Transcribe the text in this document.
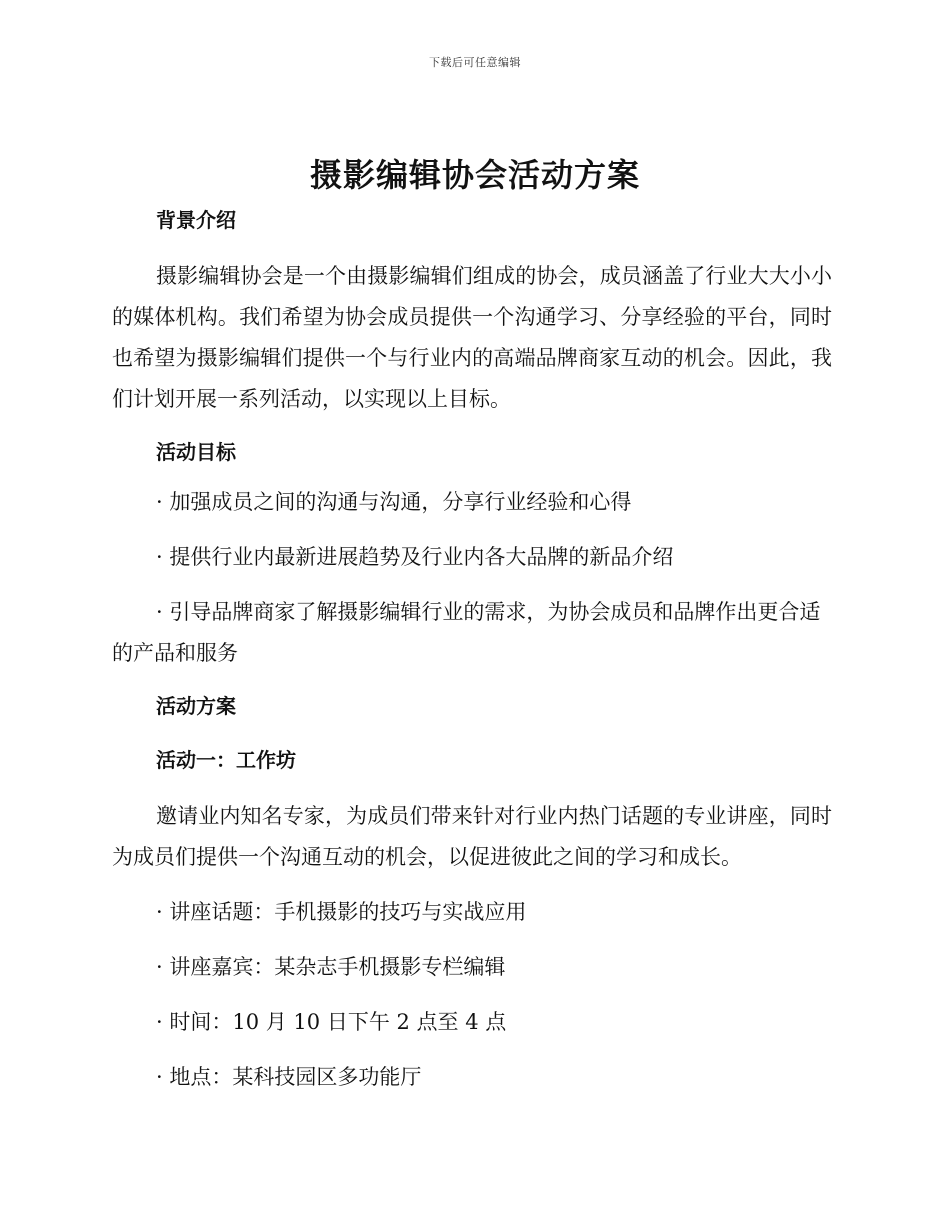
下载后可任意编辑
摄影编辑协会活动方案
背景介绍

摄影编辑协会是一个由摄影编辑们组成的协会，成员涵盖了行业大大小小的媒体机构。我们希望为协会成员提供一个沟通学习、分享经验的平台，同时也希望为摄影编辑们提供一个与行业内的高端品牌商家互动的机会。因此，我们计划开展一系列活动，以实现以上目标。

活动目标

· 加强成员之间的沟通与沟通，分享行业经验和心得

· 提供行业内最新进展趋势及行业内各大品牌的新品介绍

· 引导品牌商家了解摄影编辑行业的需求，为协会成员和品牌作出更合适的产品和服务

活动方案
活动一：工作坊

邀请业内知名专家，为成员们带来针对行业内热门话题的专业讲座，同时为成员们提供一个沟通互动的机会，以促进彼此之间的学习和成长。

· 讲座话题：手机摄影的技巧与实战应用

· 讲座嘉宾：某杂志手机摄影专栏编辑

· 时间：10 月 10 日下午 2 点至 4 点

· 地点：某科技园区多功能厅
